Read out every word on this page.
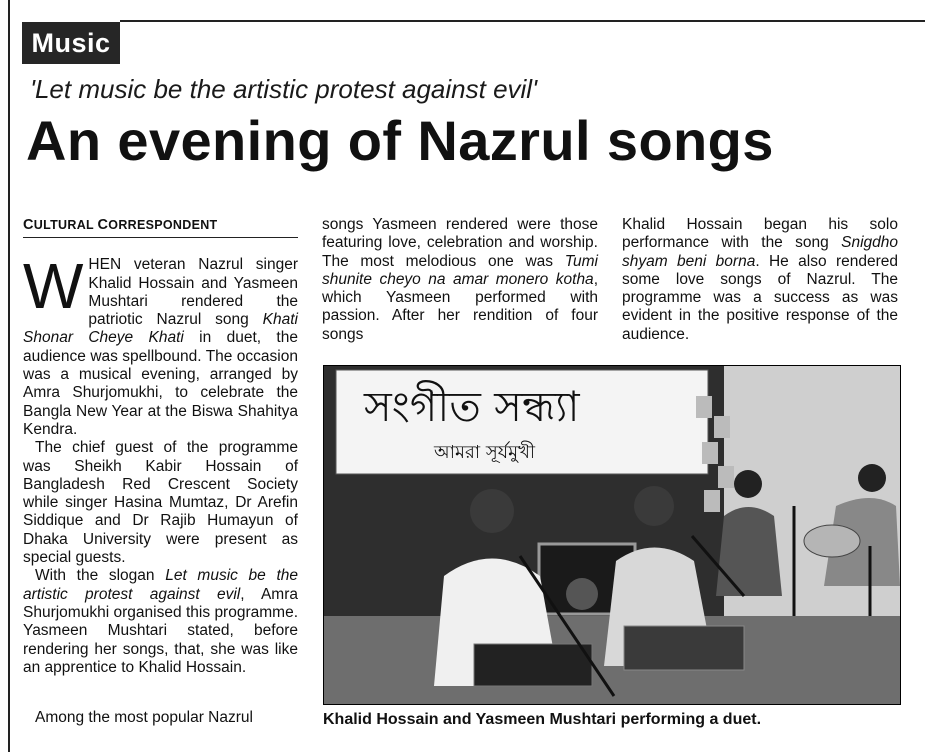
Music
'Let music be the artistic protest against evil'
An evening of Nazrul songs
CULTURAL CORRESPONDENT

WHEN veteran Nazrul singer Khalid Hossain and Yasmeen Mushtari rendered the patriotic Nazrul song Khati Shonar Cheye Khati in duet, the audience was spellbound. The occasion was a musical evening, arranged by Amra Shurjomukhi, to celebrate the Bangla New Year at the Biswa Shahitya Kendra.

The chief guest of the programme was Sheikh Kabir Hossain of Bangladesh Red Crescent Society while singer Hasina Mumtaz, Dr Arefin Siddique and Dr Rajib Humayun of Dhaka University were present as special guests.

With the slogan Let music be the artistic protest against evil, Amra Shurjomukhi organised this programme. Yasmeen Mushtari stated, before rendering her songs, that, she was like an apprentice to Khalid Hossain.

Among the most popular Nazrul

songs Yasmeen rendered were those featuring love, celebration and worship. The most melodious one was Tumi shunite cheyo na amar monero kotha, which Yasmeen performed with passion. After her rendition of four songs

Khalid Hossain began his solo performance with the song Snigdho shyam beni borna. He also rendered some love songs of Nazrul. The programme was a success as was evident in the positive response of the audience.

সংগীত সন্ধ্যা
আমরা সূর্যমুখী
Khalid Hossain and Yasmeen Mushtari performing a duet.
